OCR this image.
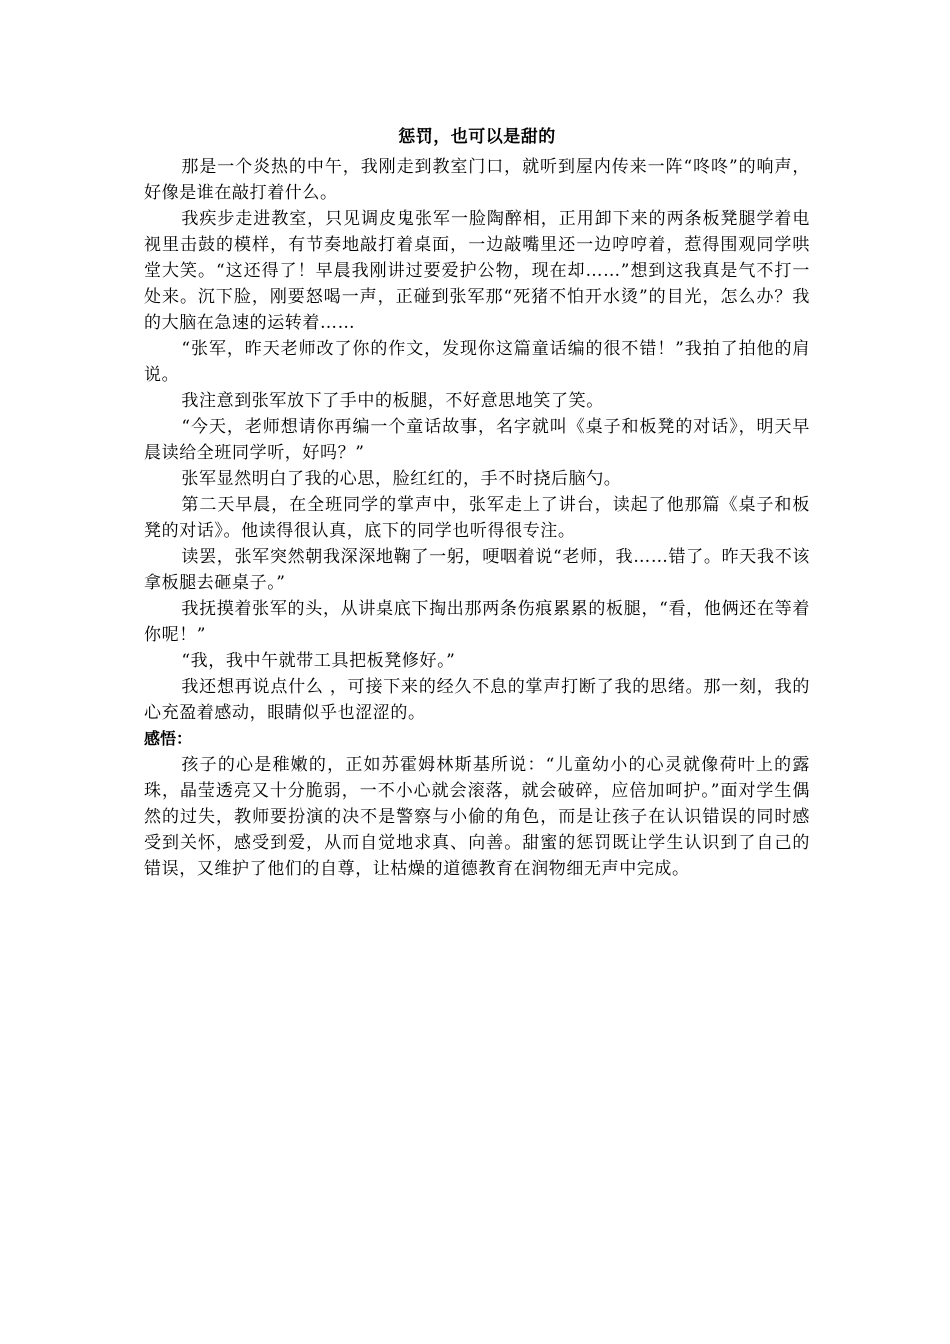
惩罚，也可以是甜的

那是一个炎热的中午，我刚走到教室门口，就听到屋内传来一阵“咚咚”的响声，好像是谁在敲打着什么。

我疾步走进教室，只见调皮鬼张军一脸陶醉相，正用卸下来的两条板凳腿学着电视里击鼓的模样，有节奏地敲打着桌面，一边敲嘴里还一边哼哼着，惹得围观同学哄堂大笑。“这还得了！早晨我刚讲过要爱护公物，现在却……”想到这我真是气不打一处来。沉下脸，刚要怒喝一声，正碰到张军那“死猪不怕开水烫”的目光，怎么办？我的大脑在急速的运转着……

“张军，昨天老师改了你的作文，发现你这篇童话编的很不错！”我拍了拍他的肩说。

我注意到张军放下了手中的板腿，不好意思地笑了笑。

“今天，老师想请你再编一个童话故事，名字就叫《桌子和板凳的对话》，明天早晨读给全班同学听，好吗？”

张军显然明白了我的心思，脸红红的，手不时挠后脑勺。

第二天早晨，在全班同学的掌声中，张军走上了讲台，读起了他那篇《桌子和板凳的对话》。他读得很认真，底下的同学也听得很专注。

读罢，张军突然朝我深深地鞠了一躬，哽咽着说“老师，我……错了。昨天我不该拿板腿去砸桌子。”

我抚摸着张军的头，从讲桌底下掏出那两条伤痕累累的板腿，“看，他俩还在等着你呢！”

“我，我中午就带工具把板凳修好。”

我还想再说点什么 ，可接下来的经久不息的掌声打断了我的思绪。那一刻，我的心充盈着感动，眼睛似乎也涩涩的。

感悟：

孩子的心是稚嫩的，正如苏霍姆林斯基所说：“儿童幼小的心灵就像荷叶上的露珠，晶莹透亮又十分脆弱，一不小心就会滚落，就会破碎，应倍加呵护。”面对学生偶然的过失，教师要扮演的决不是警察与小偷的角色，而是让孩子在认识错误的同时感受到关怀，感受到爱，从而自觉地求真、向善。甜蜜的惩罚既让学生认识到了自己的错误，又维护了他们的自尊，让枯燥的道德教育在润物细无声中完成。
